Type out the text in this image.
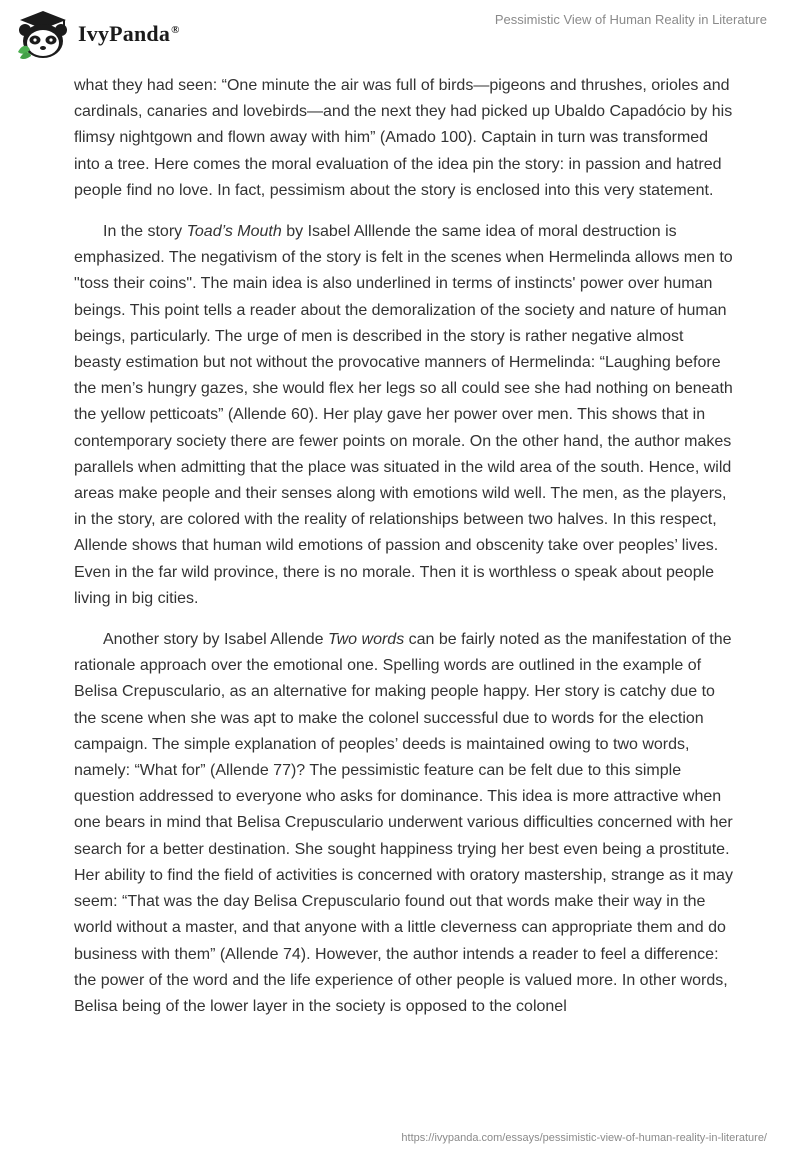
IvyPanda®
Pessimistic View of Human Reality in Literature

what they had seen: “One minute the air was full of birds—pigeons and thrushes, orioles and cardinals, canaries and lovebirds—and the next they had picked up Ubaldo Capadócio by his flimsy nightgown and flown away with him” (Amado 100). Captain in turn was transformed into a tree. Here comes the moral evaluation of the idea pin the story: in passion and hatred people find no love. In fact, pessimism about the story is enclosed into this very statement.

In the story Toad’s Mouth by Isabel Alllende the same idea of moral destruction is emphasized. The negativism of the story is felt in the scenes when Hermelinda allows men to "toss their coins". The main idea is also underlined in terms of instincts' power over human beings. This point tells a reader about the demoralization of the society and nature of human beings, particularly. The urge of men is described in the story is rather negative almost beasty estimation but not without the provocative manners of Hermelinda: “Laughing before the men’s hungry gazes, she would flex her legs so all could see she had nothing on beneath the yellow petticoats” (Allende 60). Her play gave her power over men. This shows that in contemporary society there are fewer points on morale. On the other hand, the author makes parallels when admitting that the place was situated in the wild area of the south. Hence, wild areas make people and their senses along with emotions wild well. The men, as the players, in the story, are colored with the reality of relationships between two halves. In this respect, Allende shows that human wild emotions of passion and obscenity take over peoples’ lives. Even in the far wild province, there is no morale. Then it is worthless o speak about people living in big cities.

Another story by Isabel Allende Two words can be fairly noted as the manifestation of the rationale approach over the emotional one. Spelling words are outlined in the example of Belisa Crepusculario, as an alternative for making people happy. Her story is catchy due to the scene when she was apt to make the colonel successful due to words for the election campaign. The simple explanation of peoples’ deeds is maintained owing to two words, namely: “What for” (Allende 77)? The pessimistic feature can be felt due to this simple question addressed to everyone who asks for dominance. This idea is more attractive when one bears in mind that Belisa Crepusculario underwent various difficulties concerned with her search for a better destination. She sought happiness trying her best even being a prostitute. Her ability to find the field of activities is concerned with oratory mastership, strange as it may seem: “That was the day Belisa Crepusculario found out that words make their way in the world without a master, and that anyone with a little cleverness can appropriate them and do business with them” (Allende 74). However, the author intends a reader to feel a difference: the power of the word and the life experience of other people is valued more. In other words, Belisa being of the lower layer in the society is opposed to the colonel

https://ivypanda.com/essays/pessimistic-view-of-human-reality-in-literature/
